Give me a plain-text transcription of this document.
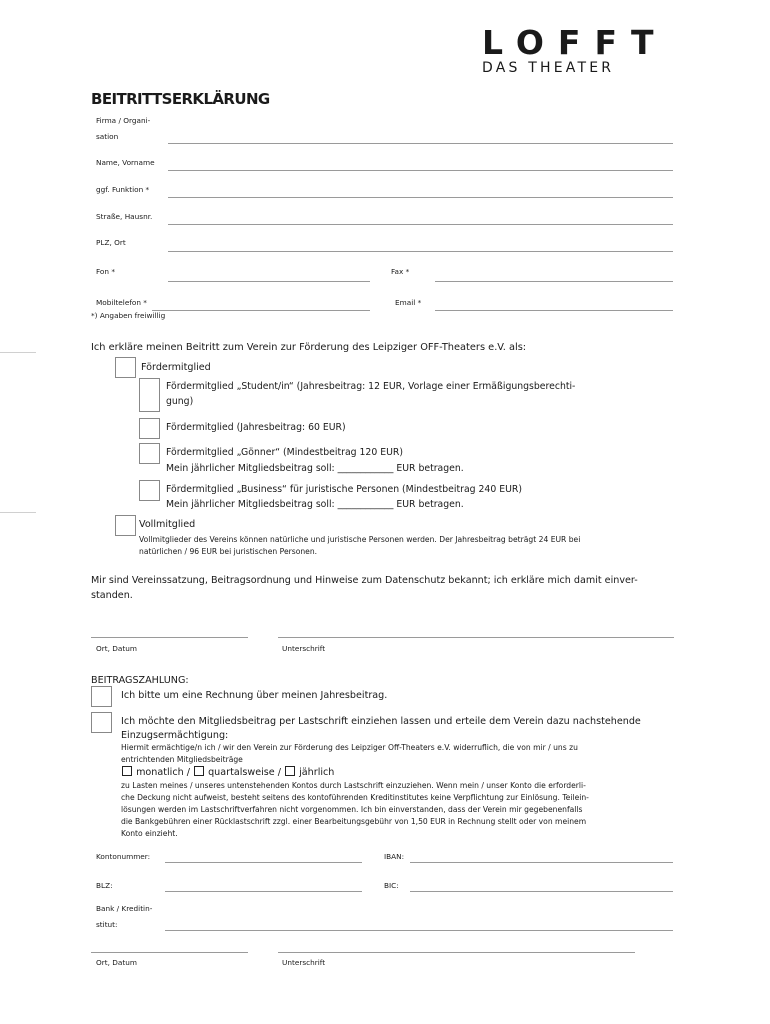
LOFFT
DAS THEATER
BEITRITTSERKLÄRUNG
Firma / Organi-
sation
Name, Vorname
ggf. Funktion *
Straße, Hausnr.
PLZ, Ort
Fon *	Fax *
Mobiltelefon *	Email *
*) Angaben freiwillig
Ich erkläre meinen Beitritt zum Verein zur Förderung des Leipziger OFF-Theaters e.V. als:
Fördermitglied
Fördermitglied „Student/in“ (Jahresbeitrag: 12 EUR, Vorlage einer Ermäßigungsberechti-
gung)
Fördermitglied (Jahresbeitrag: 60 EUR)
Fördermitglied „Gönner“ (Mindestbeitrag 120 EUR)
Mein jährlicher Mitgliedsbeitrag soll: ____________ EUR betragen.
Fördermitglied „Business“ für juristische Personen (Mindestbeitrag 240 EUR)
Mein jährlicher Mitgliedsbeitrag soll: ____________ EUR betragen.
Vollmitglied
Vollmitglieder des Vereins können natürliche und juristische Personen werden. Der Jahresbeitrag beträgt 24 EUR bei
natürlichen / 96 EUR bei juristischen Personen.
Mir sind Vereinssatzung, Beitragsordnung und Hinweise zum Datenschutz bekannt; ich erkläre mich damit einver-
standen.
Ort, Datum	Unterschrift
BEITRAGSZAHLUNG:
Ich bitte um eine Rechnung über meinen Jahresbeitrag.
Ich möchte den Mitgliedsbeitrag per Lastschrift einziehen lassen und erteile dem Verein dazu nachstehende
Einzugsermächtigung:
Hiermit ermächtige/n ich / wir den Verein zur Förderung des Leipziger Off-Theaters e.V. widerruflich, die von mir / uns zu
entrichtenden Mitgliedsbeiträge
monatlich / quartalsweise / jährlich
zu Lasten meines / unseres untenstehenden Kontos durch Lastschrift einzuziehen. Wenn mein / unser Konto die erforderli-
che Deckung nicht aufweist, besteht seitens des kontoführenden Kreditinstitutes keine Verpflichtung zur Einlösung. Teilein-
lösungen werden im Lastschriftverfahren nicht vorgenommen. Ich bin einverstanden, dass der Verein mir gegebenenfalls
die Bankgebühren einer Rücklastschrift zzgl. einer Bearbeitungsgebühr von 1,50 EUR in Rechnung stellt oder von meinem
Konto einzieht.
Kontonummer:	IBAN:
BLZ:	BIC:
Bank / Kreditin-
stitut:
Ort, Datum	Unterschrift
